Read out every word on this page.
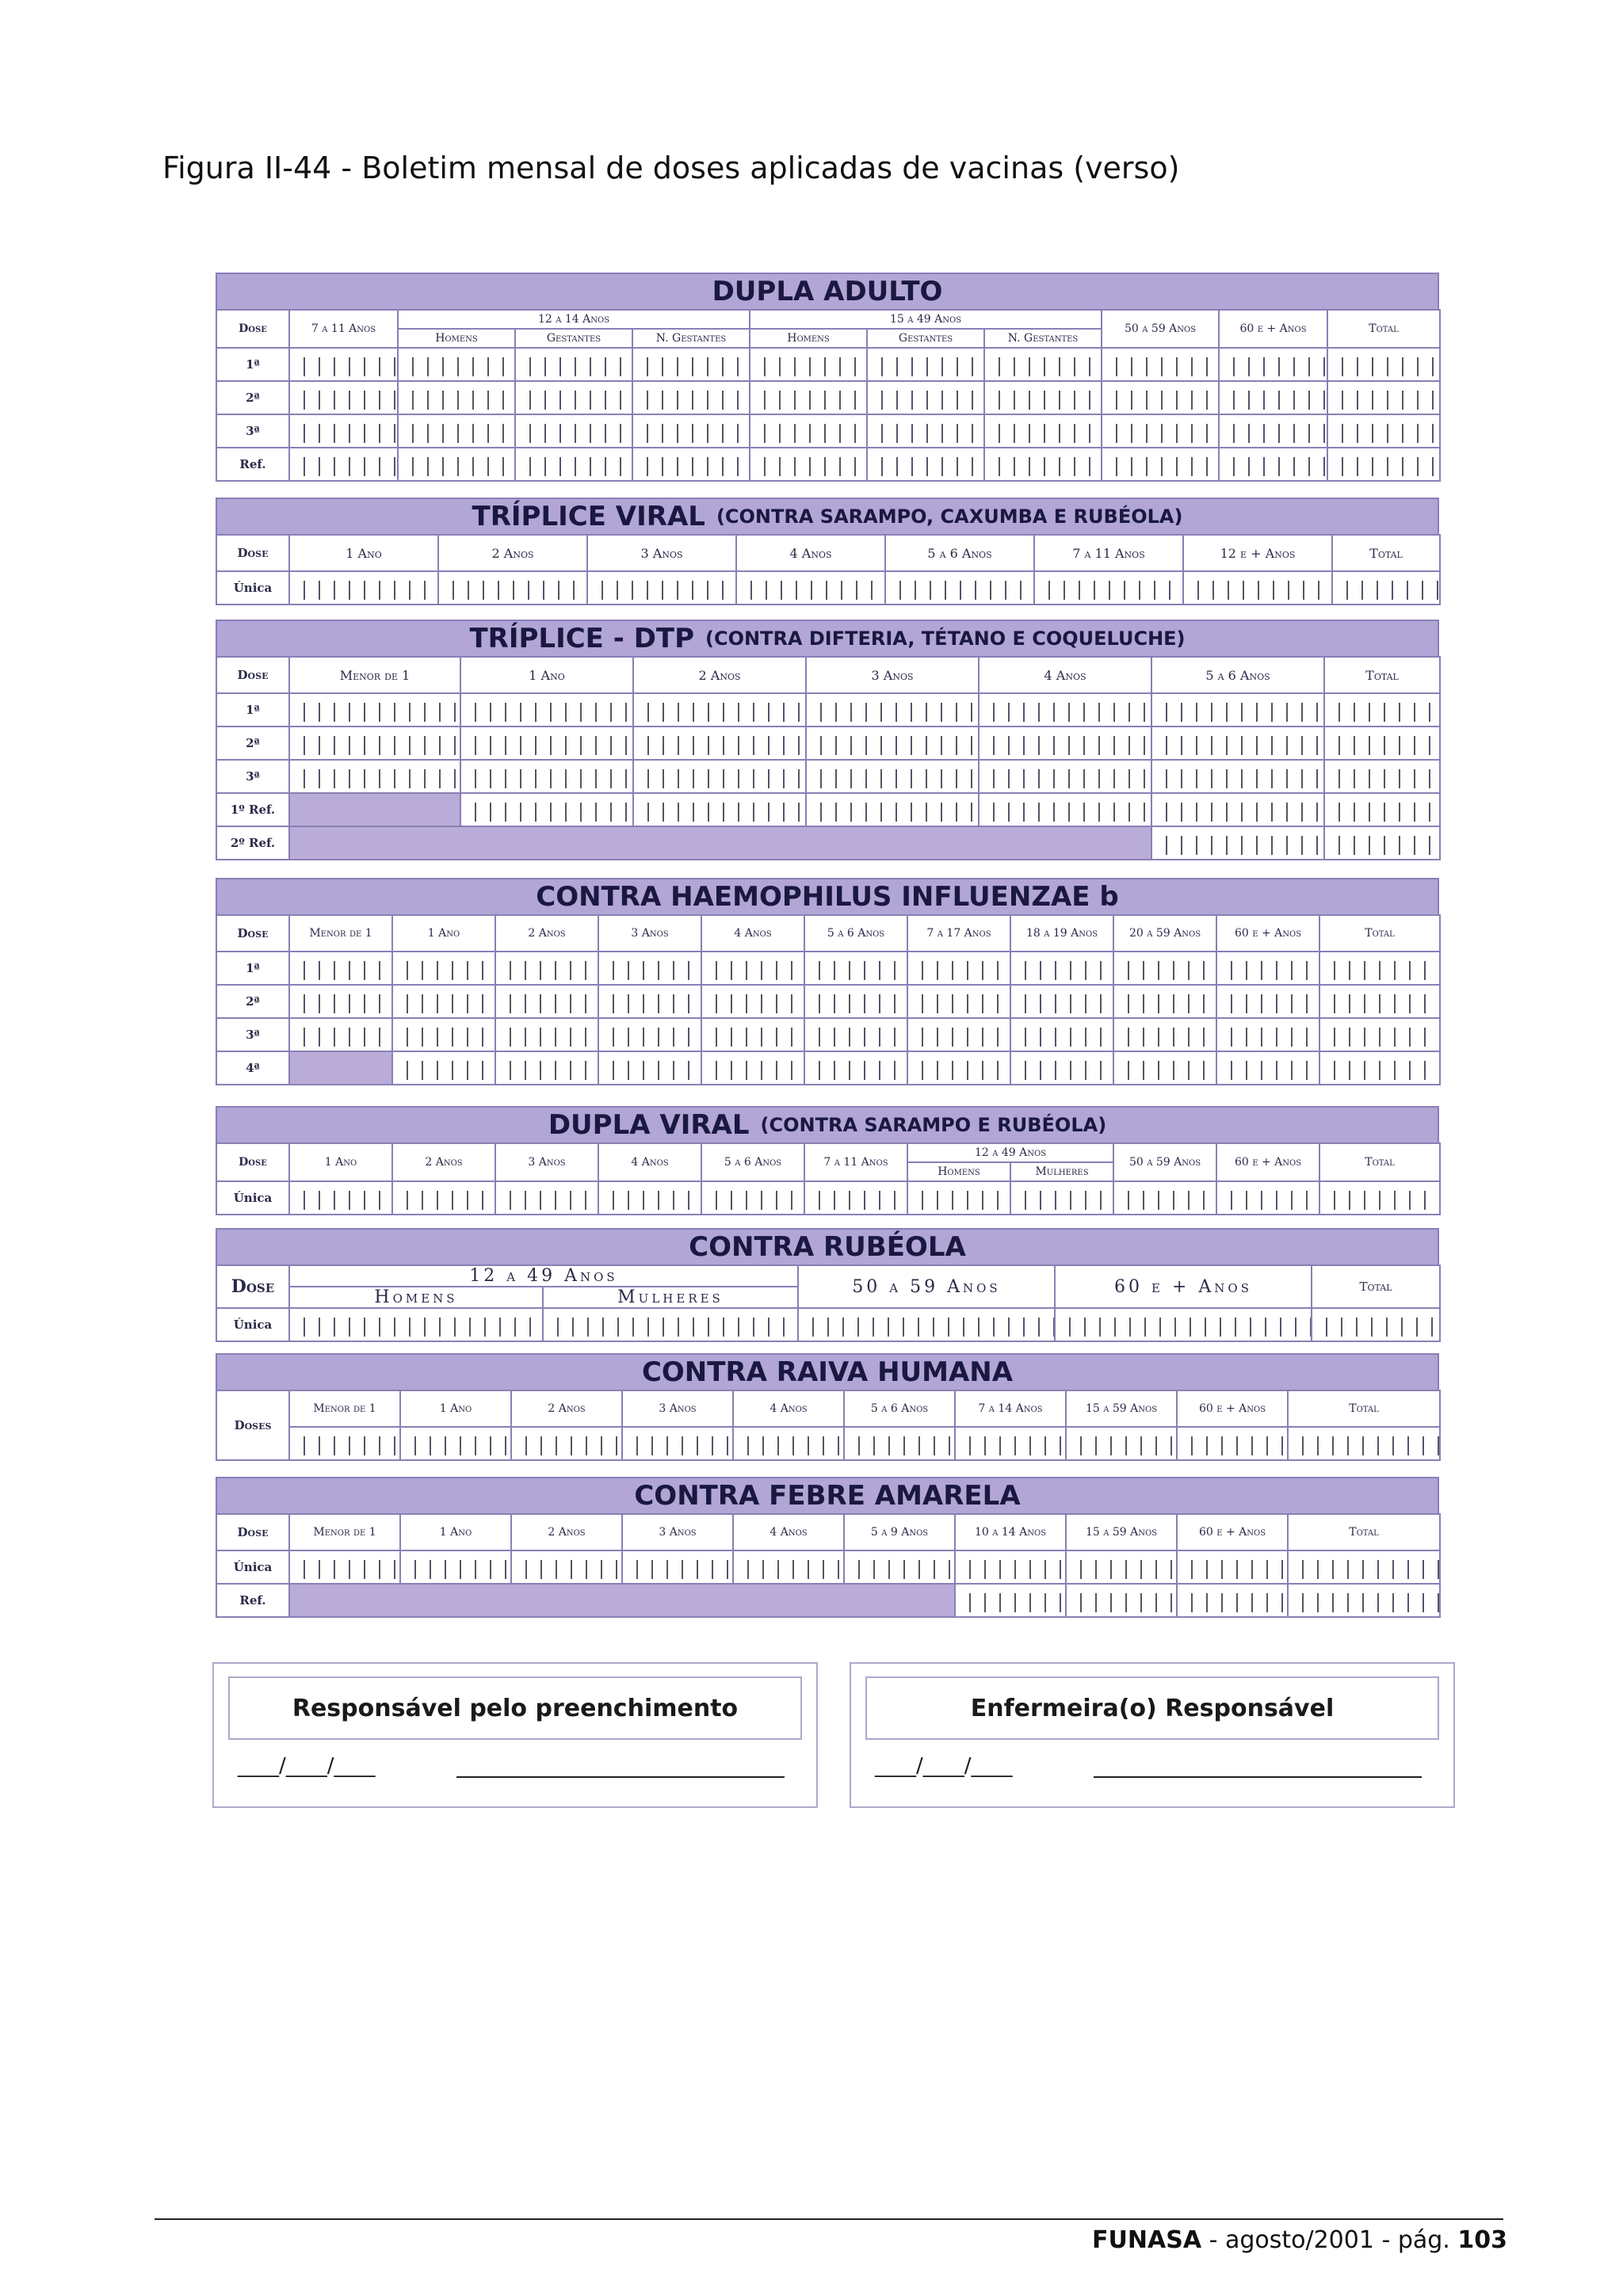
Figura II-44 - Boletim mensal de doses aplicadas de vacinas (verso)
DUPLA ADULTO
Dose	7 a 11 Anos	12 a 14 Anos			15 a 49 Anos			50 a 59 Anos	60 e + Anos	Total
		Homens	Gestantes	N. Gestantes	Homens	Gestantes	N. Gestantes			
1ª										
2ª										
3ª										
Ref.										
TRÍPLICE VIRAL (CONTRA SARAMPO, CAXUMBA E RUBÉOLA)
Dose	1 Ano	2 Anos	3 Anos	4 Anos	5 a 6 Anos	7 a 11 Anos	12 e + Anos	Total
Única								
TRÍPLICE - DTP (CONTRA DIFTERIA, TÉTANO E COQUELUCHE)
Dose	Menor de 1	1 Ano	2 Anos	3 Anos	4 Anos	5 a 6 Anos	Total
1ª							
2ª							
3ª							
1º Ref.							
2º Ref.							
CONTRA HAEMOPHILUS INFLUENZAE b
Dose	Menor de 1	1 Ano	2 Anos	3 Anos	4 Anos	5 a 6 Anos	7 a 17 Anos	18 a 19 Anos	20 a 59 Anos	60 e + Anos	Total
1ª											
2ª											
3ª											
4ª											
DUPLA VIRAL (CONTRA SARAMPO E RUBÉOLA)
Dose	1 Ano	2 Anos	3 Anos	4 Anos	5 a 6 Anos	7 a 11 Anos	12 a 49 Anos		50 a 59 Anos	60 e + Anos	Total
							Homens	Mulheres			
Única											
CONTRA RUBÉOLA
Dose	12 a 49 Anos		50 a 59 Anos	60 e + Anos	Total
	Homens	Mulheres			
Única					
CONTRA RAIVA HUMANA
Doses	Menor de 1	1 Ano	2 Anos	3 Anos	4 Anos	5 a 6 Anos	7 a 14 Anos	15 a 59 Anos	60 e + Anos	Total

CONTRA FEBRE AMARELA
Dose	Menor de 1	1 Ano	2 Anos	3 Anos	4 Anos	5 a 9 Anos	10 a 14 Anos	15 a 59 Anos	60 e + Anos	Total
Única										
Ref.										
Responsável pelo preenchimento
____/____/____
Enfermeira(o) Responsável
____/____/____
FUNASA - agosto/2001 - pág. 103
